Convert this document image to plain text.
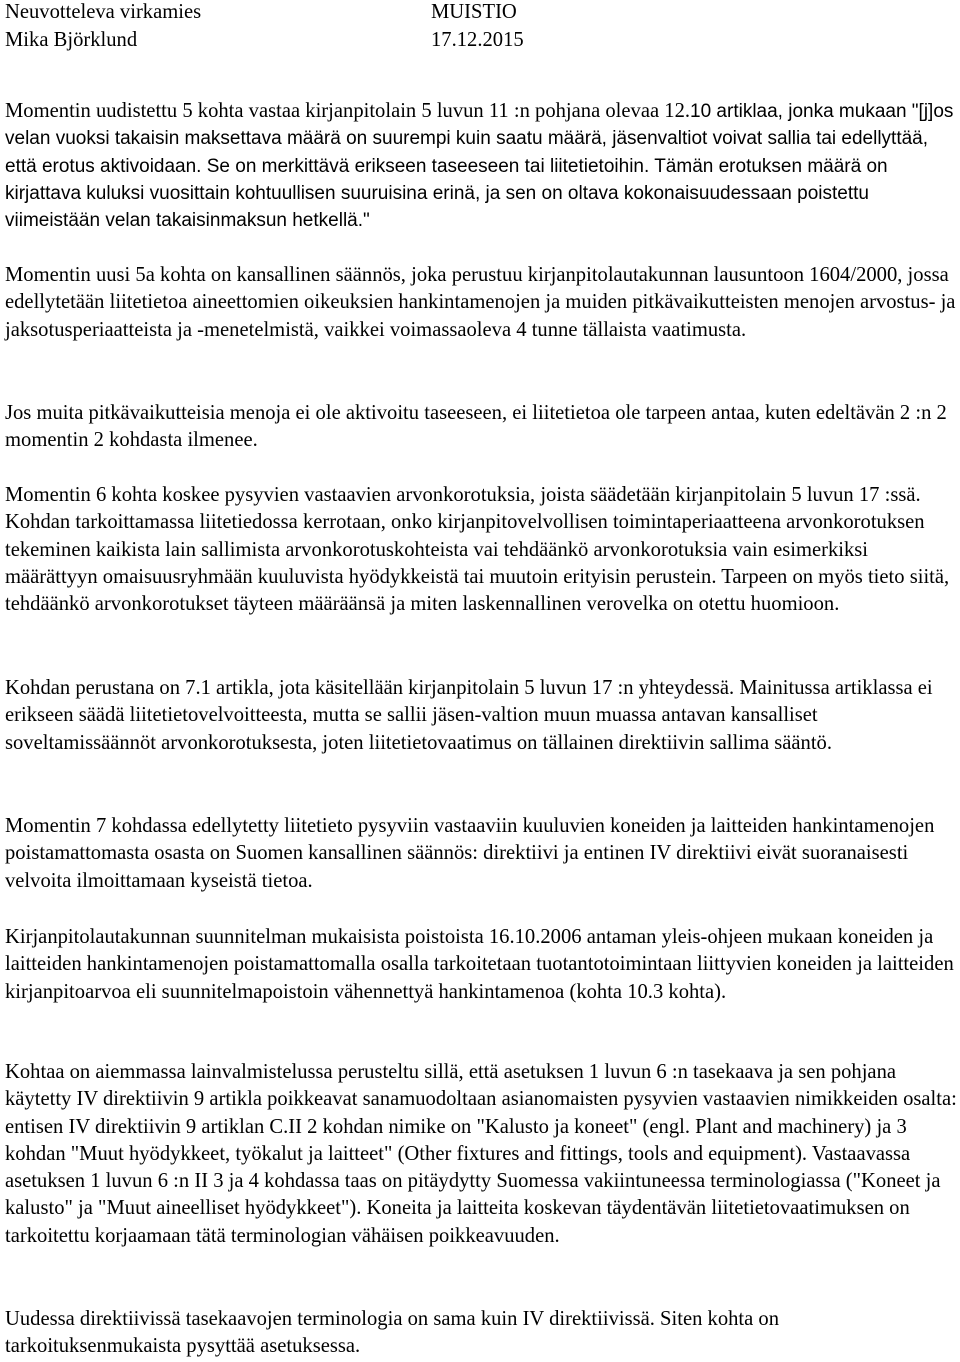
Neuvotteleva virkamies	MUISTIO
Mika Björklund	17.12.2015

Momentin uudistettu 5 kohta vastaa kirjanpitolain 5 luvun 11 :n pohjana olevaa 12.10 artiklaa, jonka mukaan "[j]os velan vuoksi takaisin maksettava määrä on suurempi kuin saatu määrä, jäsenvaltiot voivat sallia tai edellyttää, että erotus aktivoidaan. Se on merkittävä erikseen taseeseen tai liitetietoihin. Tämän erotuksen määrä on kirjattava kuluksi vuosittain kohtuullisen suuruisina erinä, ja sen on oltava kokonaisuudessaan poistettu viimeistään velan takaisinmaksun hetkellä."

Momentin uusi 5a kohta on kansallinen säännös, joka perustuu kirjanpitolautakunnan lausuntoon 1604/2000, jossa edellytetään liitetietoa aineettomien oikeuksien hankintamenojen ja muiden pitkävaikutteisten menojen arvostus- ja jaksotusperiaatteista ja -menetelmistä, vaikkei voimassaoleva 4 tunne tällaista vaatimusta.

Jos muita pitkävaikutteisia menoja ei ole aktivoitu taseeseen, ei liitetietoa ole tarpeen antaa, kuten edeltävän 2 :n 2 momentin 2 kohdasta ilmenee.

Momentin 6 kohta koskee pysyvien vastaavien arvonkorotuksia, joista säädetään kirjanpitolain 5 luvun 17 :ssä. Kohdan tarkoittamassa liitetiedossa kerrotaan, onko kirjanpitovelvollisen toimintaperiaatteena arvonkorotuksen tekeminen kaikista lain sallimista arvonkorotuskohteista vai tehdäänkö arvonkorotuksia vain esimerkiksi määrättyyn omaisuusryhmään kuuluvista hyödykkeistä tai muutoin erityisin perustein. Tarpeen on myös tieto siitä, tehdäänkö arvonkorotukset täyteen määräänsä ja miten laskennallinen verovelka on otettu huomioon.

Kohdan perustana on 7.1 artikla, jota käsitellään kirjanpitolain 5 luvun 17 :n yhteydessä. Mainitussa artiklassa ei erikseen säädä liitetietovelvoitteesta, mutta se sallii jäsen-valtion muun muassa antavan kansalliset soveltamissäännöt arvonkorotuksesta, joten liitetietovaatimus on tällainen direktiivin sallima sääntö.

Momentin 7 kohdassa edellytetty liitetieto pysyviin vastaaviin kuuluvien koneiden ja laitteiden hankintamenojen poistamattomasta osasta on Suomen kansallinen säännös: direktiivi ja entinen IV direktiivi eivät suoranaisesti velvoita ilmoittamaan kyseistä tietoa.

Kirjanpitolautakunnan suunnitelman mukaisista poistoista 16.10.2006 antaman yleis-ohjeen mukaan koneiden ja laitteiden hankintamenojen poistamattomalla osalla tarkoitetaan tuotantotoimintaan liittyvien koneiden ja laitteiden kirjanpitoarvoa eli suunnitelmapoistoin vähennettyä hankintamenoa (kohta 10.3 kohta).

Kohtaa on aiemmassa lainvalmistelussa perusteltu sillä, että asetuksen 1 luvun 6 :n tasekaava ja sen pohjana käytetty IV direktiivin 9 artikla poikkeavat sanamuodoltaan asianomaisten pysyvien vastaavien nimikkeiden osalta: entisen IV direktiivin 9 artiklan C.II 2 kohdan nimike on "Kalusto ja koneet" (engl. Plant and machinery) ja 3 kohdan "Muut hyödykkeet, työkalut ja laitteet" (Other fixtures and fittings, tools and equipment). Vastaavassa asetuksen 1 luvun 6 :n II 3 ja 4 kohdassa taas on pitäydytty Suomessa vakiintuneessa terminologiassa ("Koneet ja kalusto" ja "Muut aineelliset hyödykkeet"). Koneita ja laitteita koskevan täydentävän liitetietovaatimuksen on tarkoitettu korjaamaan tätä terminologian vähäisen poikkeavuuden.

Uudessa direktiivissä tasekaavojen terminologia on sama kuin IV direktiivissä. Siten kohta on tarkoituksenmukaista pysyttää asetuksessa.
